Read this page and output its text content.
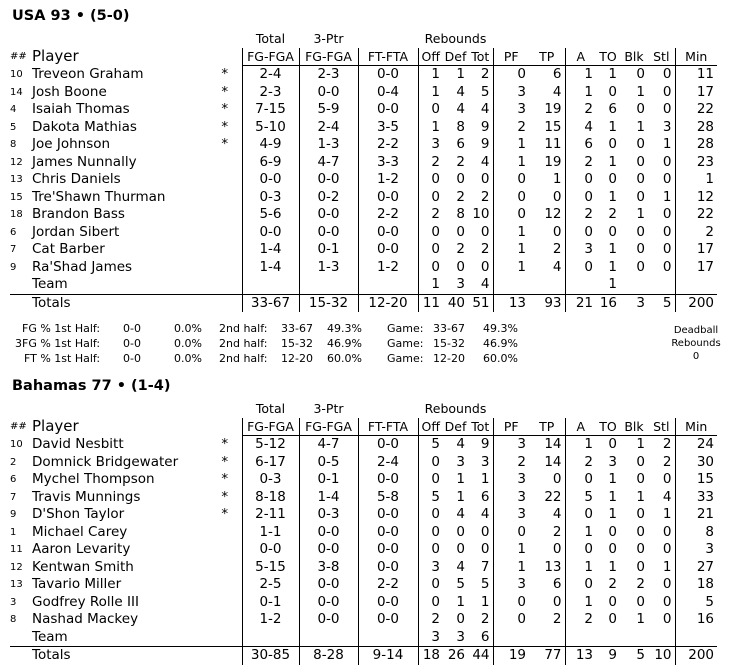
USA 93 • (5-0)
			Total	3-Ptr		Rebounds									
##	Player		FG-FGA	FG-FGA	FT-FTA	Off	Def	Tot	PF	TP	A	TO	Blk	Stl	Min
10	Treveon Graham	*	2-4	2-3	0-0	1	1	2	0	6	1	1	0	0	11
14	Josh Boone	*	2-3	0-0	0-4	1	4	5	3	4	1	0	1	0	17
4	Isaiah Thomas	*	7-15	5-9	0-0	0	4	4	3	19	2	6	0	0	22
5	Dakota Mathias	*	5-10	2-4	3-5	1	8	9	2	15	4	1	1	3	28
8	Joe Johnson	*	4-9	1-3	2-2	3	6	9	1	11	6	0	0	1	28
12	James Nunnally		6-9	4-7	3-3	2	2	4	1	19	2	1	0	0	23
13	Chris Daniels		0-0	0-0	1-2	0	0	0	0	1	0	0	0	0	1
15	Tre'Shawn Thurman		0-3	0-2	0-0	0	2	2	0	0	0	1	0	1	12
18	Brandon Bass		5-6	0-0	2-2	2	8	10	0	12	2	2	1	0	22
6	Jordan Sibert		0-0	0-0	0-0	0	0	0	1	0	0	0	0	0	2
7	Cat Barber		1-4	0-1	0-0	0	2	2	1	2	3	1	0	0	17
9	Ra'Shad James		1-4	1-3	1-2	0	0	0	1	4	0	1	0	0	17
	Team					1	3	4				1			
	Totals		33-67	15-32	12-20	11	40	51	13	93	21	16	3	5	200
FG % 1st Half: 0-0	0.0% 2nd half: 33-67 49.3% Game: 33-67 49.3%
3FG % 1st Half: 0-0	0.0% 2nd half: 15-32 46.9% Game: 15-32 46.9%
FT % 1st Half: 0-0	0.0% 2nd half: 12-20 60.0% Game: 12-20 60.0%
Deadball
Rebounds
0
Bahamas 77 • (1-4)
			Total	3-Ptr		Rebounds									
##	Player		FG-FGA	FG-FGA	FT-FTA	Off	Def	Tot	PF	TP	A	TO	Blk	Stl	Min
10	David Nesbitt	*	5-12	4-7	0-0	5	4	9	3	14	1	0	1	2	24
2	Domnick Bridgewater	*	6-17	0-5	2-4	0	3	3	2	14	2	3	0	2	30
6	Mychel Thompson	*	0-3	0-1	0-0	0	1	1	3	0	0	1	0	0	15
7	Travis Munnings	*	8-18	1-4	5-8	5	1	6	3	22	5	1	1	4	33
9	D'Shon Taylor	*	2-11	0-3	0-0	0	4	4	3	4	0	1	0	1	21
1	Michael Carey		1-1	0-0	0-0	0	0	0	0	2	1	0	0	0	8
11	Aaron Levarity		0-0	0-0	0-0	0	0	0	1	0	0	0	0	0	3
12	Kentwan Smith		5-15	3-8	0-0	3	4	7	1	13	1	1	0	1	27
13	Tavario Miller		2-5	0-0	2-2	0	5	5	3	6	0	2	2	0	18
3	Godfrey Rolle III		0-1	0-0	0-0	0	1	1	0	0	1	0	0	0	5
8	Nashad Mackey		1-2	0-0	0-0	2	0	2	0	2	2	0	1	0	16
	Team					3	3	6							
	Totals		30-85	8-28	9-14	18	26	44	19	77	13	9	5	10	200
